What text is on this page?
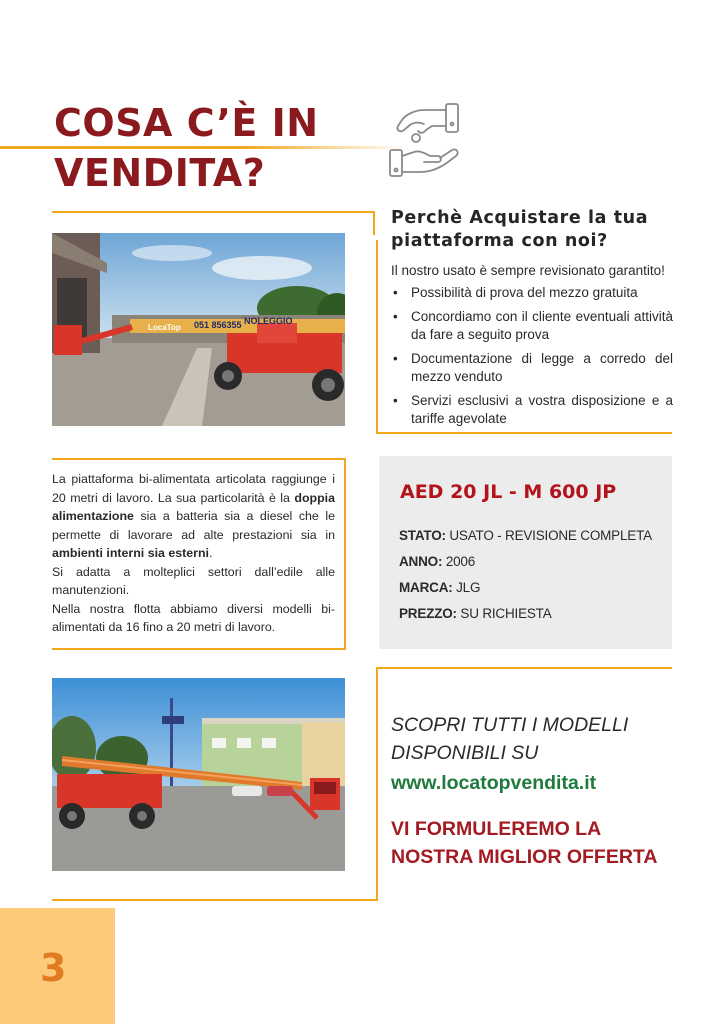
COSA C’È IN
VENDITA?
LocaTop 051 856355 NOLEGGIO
Perchè Acquistare la tua
piattaforma con noi?
Il nostro usato è sempre revisionato garantito!
• Possibilità di prova del mezzo gratuita
• Concordiamo con il cliente eventuali attività da fare a seguito prova
• Documentazione di legge a corredo del mezzo venduto
• Servizi esclusivi a vostra disposizione e a tariffe agevolate
La piattaforma bi-alimentata articolata raggiunge i 20 metri di lavoro. La sua particolarità è la doppia alimentazione sia a batteria sia a diesel che le permette di lavorare ad alte prestazioni sia in ambienti interni sia esterni.
Si adatta a molteplici settori dall’edile alle manutenzioni.
Nella nostra flotta abbiamo diversi modelli bi-alimentati da 16 fino a 20 metri di lavoro.
AED 20 JL - M 600 JP
STATO: USATO - REVISIONE COMPLETA
ANNO: 2006
MARCA: JLG
PREZZO: SU RICHIESTA
SCOPRI TUTTI I MODELLI
DISPONIBILI SU
www.locatopvendita.it
VI FORMULEREMO LA
NOSTRA MIGLIOR OFFERTA
3
